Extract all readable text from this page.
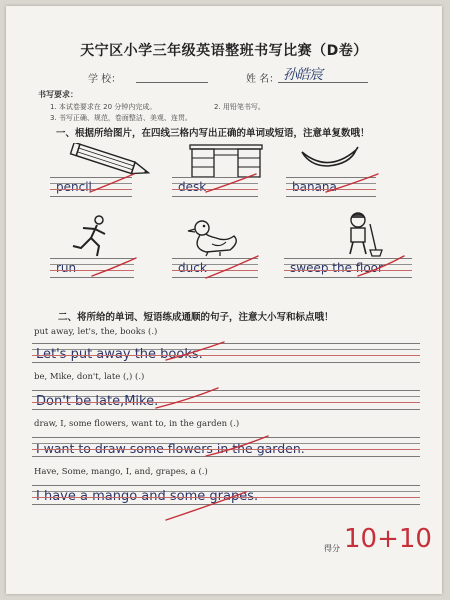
天宁区小学三年级英语整班书写比赛（D卷）
学 校：	姓 名： 孙皓宸
书写要求：
1. 本试卷要求在 20 分钟内完成。	2. 用铅笔书写。
3. 书写正确、规范，卷面整洁、美观、连贯。
一、根据所给图片，在四线三格内写出正确的单词或短语，注意单复数哦！
pencil	desk	banana
run	duck	sweep the floor
二、将所给的单词、短语练成通顺的句子，注意大小写和标点哦！
put away, let's, the, books (.)
Let's put away the books.
be, Mike, don't, late (,) (.)
Don't be late,Mike.
draw, I, some flowers, want to, in the garden (.)
I want to draw some flowers in the garden.
Have, Some, mango, I, and, grapes, a (.)
I have a mango and some grapes.
得分 10+10
